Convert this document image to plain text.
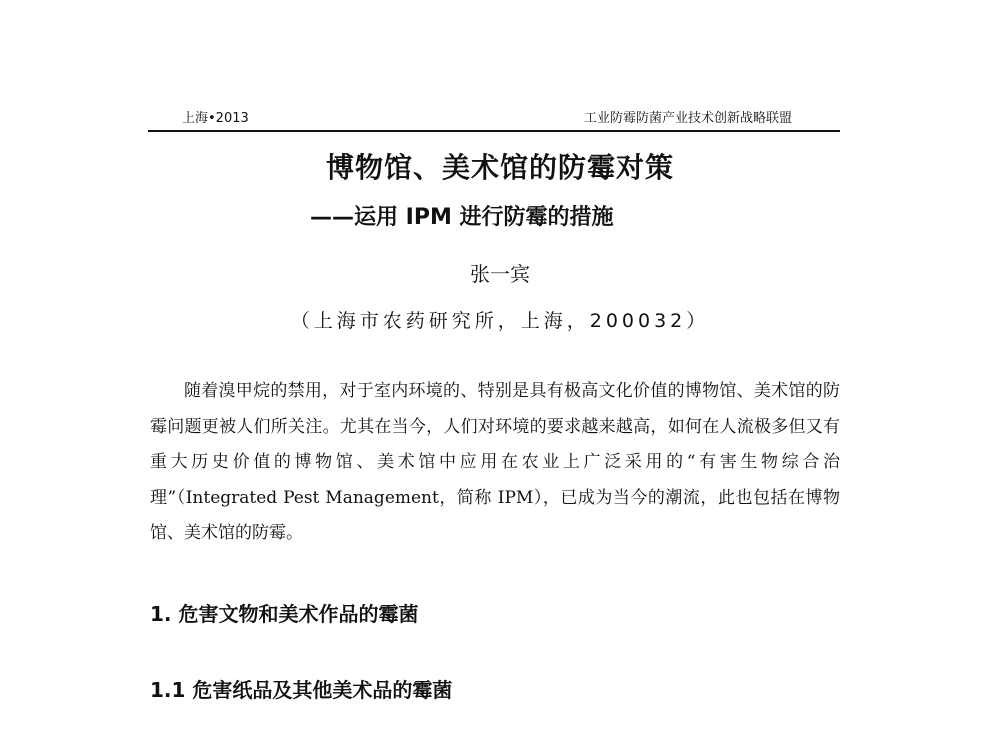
上海•2013	工业防霉防菌产业技术创新战略联盟
博物馆、美术馆的防霉对策
——运用 IPM 进行防霉的措施
张一宾
（上海市农药研究所，上海，200032）

随着溴甲烷的禁用，对于室内环境的、特别是具有极高文化价值的博物馆、美术馆的防霉问题更被人们所关注。尤其在当今，人们对环境的要求越来越高，如何在人流极多但又有重大历史价值的博物馆、美术馆中应用在农业上广泛采用的“有害生物综合治理”（Integrated Pest Management，简称 IPM），已成为当今的潮流，此也包括在博物馆、美术馆的防霉。

1. 危害文物和美术作品的霉菌
1.1 危害纸品及其他美术品的霉菌
